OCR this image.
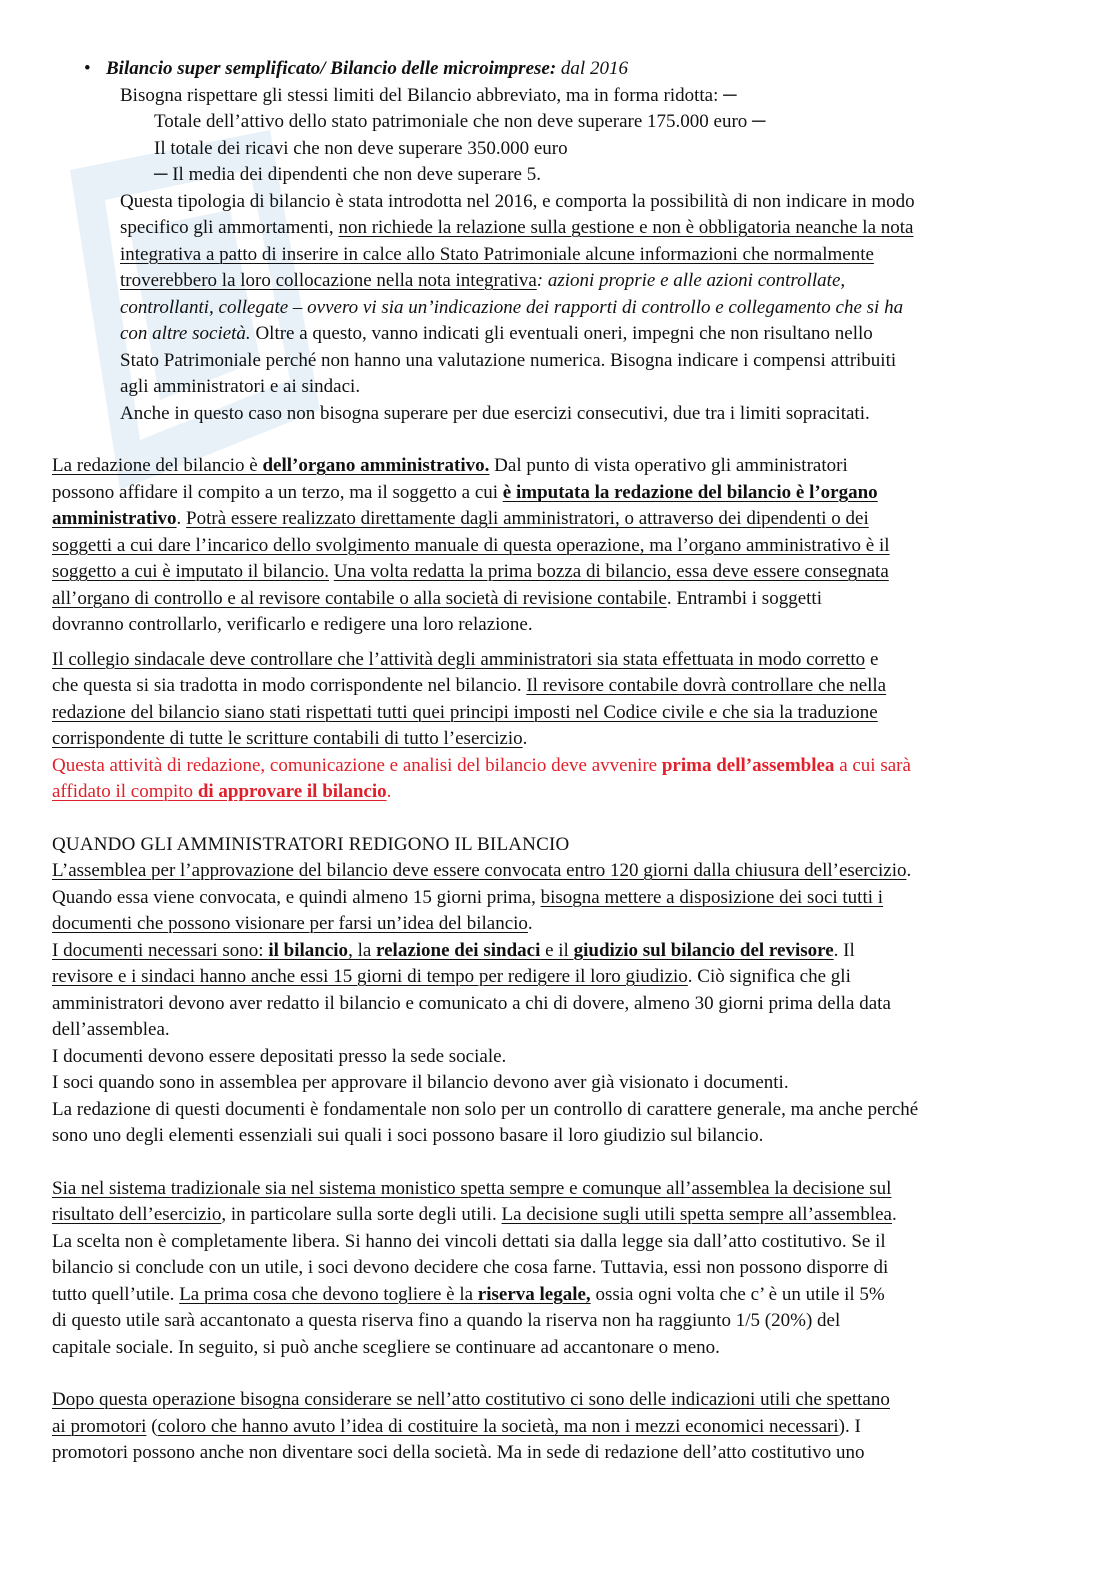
• Bilancio super semplificato/ Bilancio delle microimprese: dal 2016
Bisogna rispettare gli stessi limiti del Bilancio abbreviato, ma in forma ridotta: ─
Totale dell’attivo dello stato patrimoniale che non deve superare 175.000 euro ─
Il totale dei ricavi che non deve superare 350.000 euro
─ Il media dei dipendenti che non deve superare 5.
Questa tipologia di bilancio è stata introdotta nel 2016, e comporta la possibilità di non indicare in modo
specifico gli ammortamenti, non richiede la relazione sulla gestione e non è obbligatoria neanche la nota
integrativa a patto di inserire in calce allo Stato Patrimoniale alcune informazioni che normalmente
troverebbero la loro collocazione nella nota integrativa: azioni proprie e alle azioni controllate,
controllanti, collegate – ovvero vi sia un’indicazione dei rapporti di controllo e collegamento che si ha
con altre società. Oltre a questo, vanno indicati gli eventuali oneri, impegni che non risultano nello
Stato Patrimoniale perché non hanno una valutazione numerica. Bisogna indicare i compensi attribuiti
agli amministratori e ai sindaci.
Anche in questo caso non bisogna superare per due esercizi consecutivi, due tra i limiti sopracitati.
La redazione del bilancio è dell’organo amministrativo. Dal punto di vista operativo gli amministratori
possono affidare il compito a un terzo, ma il soggetto a cui è imputata la redazione del bilancio è l’organo
amministrativo. Potrà essere realizzato direttamente dagli amministratori, o attraverso dei dipendenti o dei
soggetti a cui dare l’incarico dello svolgimento manuale di questa operazione, ma l’organo amministrativo è il
soggetto a cui è imputato il bilancio. Una volta redatta la prima bozza di bilancio, essa deve essere consegnata
all’organo di controllo e al revisore contabile o alla società di revisione contabile. Entrambi i soggetti
dovranno controllarlo, verificarlo e redigere una loro relazione.
Il collegio sindacale deve controllare che l’attività degli amministratori sia stata effettuata in modo corretto e
che questa si sia tradotta in modo corrispondente nel bilancio. Il revisore contabile dovrà controllare che nella
redazione del bilancio siano stati rispettati tutti quei principi imposti nel Codice civile e che sia la traduzione
corrispondente di tutte le scritture contabili di tutto l’esercizio.
Questa attività di redazione, comunicazione e analisi del bilancio deve avvenire prima dell’assemblea a cui sarà
affidato il compito di approvare il bilancio.
QUANDO GLI AMMINISTRATORI REDIGONO IL BILANCIO
L’assemblea per l’approvazione del bilancio deve essere convocata entro 120 giorni dalla chiusura dell’esercizio.
Quando essa viene convocata, e quindi almeno 15 giorni prima, bisogna mettere a disposizione dei soci tutti i
documenti che possono visionare per farsi un’idea del bilancio.
I documenti necessari sono: il bilancio, la relazione dei sindaci e il giudizio sul bilancio del revisore. Il
revisore e i sindaci hanno anche essi 15 giorni di tempo per redigere il loro giudizio. Ciò significa che gli
amministratori devono aver redatto il bilancio e comunicato a chi di dovere, almeno 30 giorni prima della data
dell’assemblea.
I documenti devono essere depositati presso la sede sociale.
I soci quando sono in assemblea per approvare il bilancio devono aver già visionato i documenti.
La redazione di questi documenti è fondamentale non solo per un controllo di carattere generale, ma anche perché
sono uno degli elementi essenziali sui quali i soci possono basare il loro giudizio sul bilancio.
Sia nel sistema tradizionale sia nel sistema monistico spetta sempre e comunque all’assemblea la decisione sul
risultato dell’esercizio, in particolare sulla sorte degli utili. La decisione sugli utili spetta sempre all’assemblea.
La scelta non è completamente libera. Si hanno dei vincoli dettati sia dalla legge sia dall’atto costitutivo. Se il
bilancio si conclude con un utile, i soci devono decidere che cosa farne. Tuttavia, essi non possono disporre di
tutto quell’utile. La prima cosa che devono togliere è la riserva legale, ossia ogni volta che c’ è un utile il 5%
di questo utile sarà accantonato a questa riserva fino a quando la riserva non ha raggiunto 1/5 (20%) del
capitale sociale. In seguito, si può anche scegliere se continuare ad accantonare o meno.
Dopo questa operazione bisogna considerare se nell’atto costitutivo ci sono delle indicazioni utili che spettano
ai promotori (coloro che hanno avuto l’idea di costituire la società, ma non i mezzi economici necessari). I
promotori possono anche non diventare soci della società. Ma in sede di redazione dell’atto costitutivo uno
